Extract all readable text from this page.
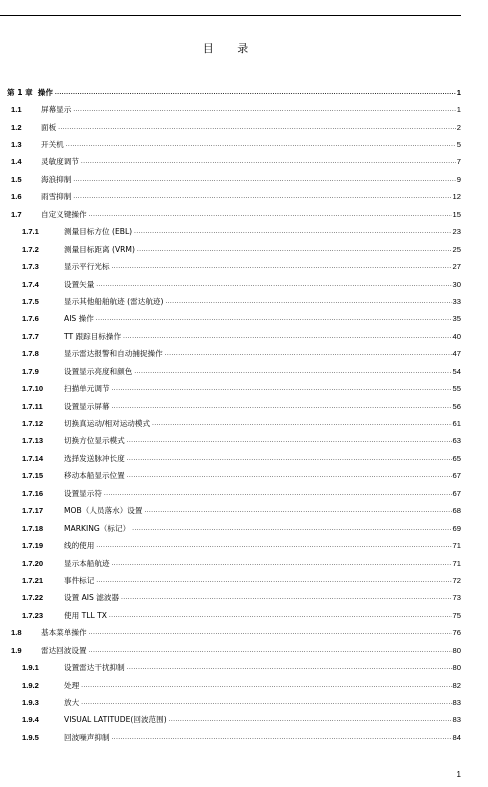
目 录
第 1 章 操作 .....	1
1.1	屏幕显示 .....	1
1.2	面板 .....	2
1.3	开关机 .....	5
1.4	灵敏度调节 .....	7
1.5	海浪抑制 .....	9
1.6	雨雪抑制 .....	12
1.7	自定义键操作 .....	15
1.7.1	测量目标方位 (EBL) .....	23
1.7.2	测量目标距离 (VRM) .....	25
1.7.3	显示平行光标 .....	27
1.7.4	设置矢量 .....	30
1.7.5	显示其他船舶航迹 (雷达航迹) .....	33
1.7.6	AIS 操作 .....	35
1.7.7	TT 跟踪目标操作 .....	40
1.7.8	显示雷达报警和自动捕捉操作 .....	47
1.7.9	设置显示亮度和颜色 .....	54
1.7.10	扫描单元调节 .....	55
1.7.11	设置显示屏幕 .....	56
1.7.12	切换真运动/相对运动模式 .....	61
1.7.13	切换方位显示模式 .....	63
1.7.14	选择发送脉冲长度 .....	65
1.7.15	移动本船显示位置 .....	67
1.7.16	设置显示符 .....	67
1.7.17	MOB（人员落水）设置 .....	68
1.7.18	MARKING（标记） .....	69
1.7.19	线的使用 .....	71
1.7.20	显示本船航迹 .....	71
1.7.21	事件标记 .....	72
1.7.22	设置 AIS 滤波器 .....	73
1.7.23	使用 TLL TX .....	75
1.8	基本菜单操作 .....	76
1.9	雷达回波设置 .....	80
1.9.1	设置雷达干扰抑制 .....	80
1.9.2	处理 .....	82
1.9.3	放大 .....	83
1.9.4	VISUAL LATITUDE(回波范围) .....	83
1.9.5	回波噪声抑制 .....	84
1
